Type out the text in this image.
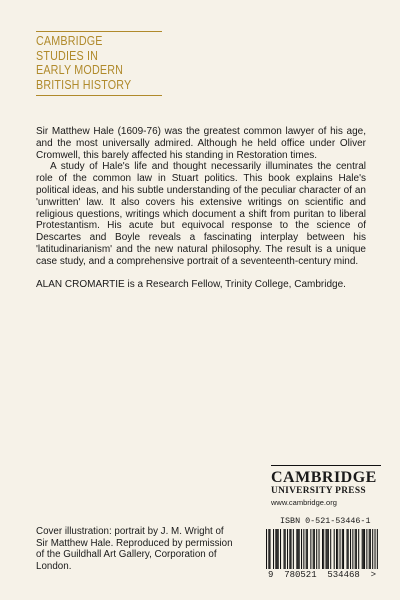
CAMBRIDGE
STUDIES IN
EARLY MODERN
BRITISH HISTORY

Sir Matthew Hale (1609-76) was the greatest common lawyer of his age, and the most universally admired. Although he held office under Oliver Cromwell, this barely affected his standing in Restoration times.

A study of Hale's life and thought necessarily illuminates the central role of the common law in Stuart politics. This book explains Hale's political ideas, and his subtle understanding of the peculiar character of an 'unwritten' law. It also covers his extensive writings on scientific and religious questions, writings which document a shift from puritan to liberal Protestantism. His acute but equivocal response to the science of Descartes and Boyle reveals a fascinating interplay between his 'latitudinarianism' and the new natural philosophy. The result is a unique case study, and a comprehensive portrait of a seventeenth-century mind.

ALAN CROMARTIE is a Research Fellow, Trinity College, Cambridge.

CAMBRIDGE
UNIVERSITY PRESS
www.cambridge.org
ISBN 0-521-53446-1
9 780521 534468 >
Cover illustration: portrait by J. M. Wright of Sir Matthew Hale. Reproduced by permission of the Guildhall Art Gallery, Corporation of London.
